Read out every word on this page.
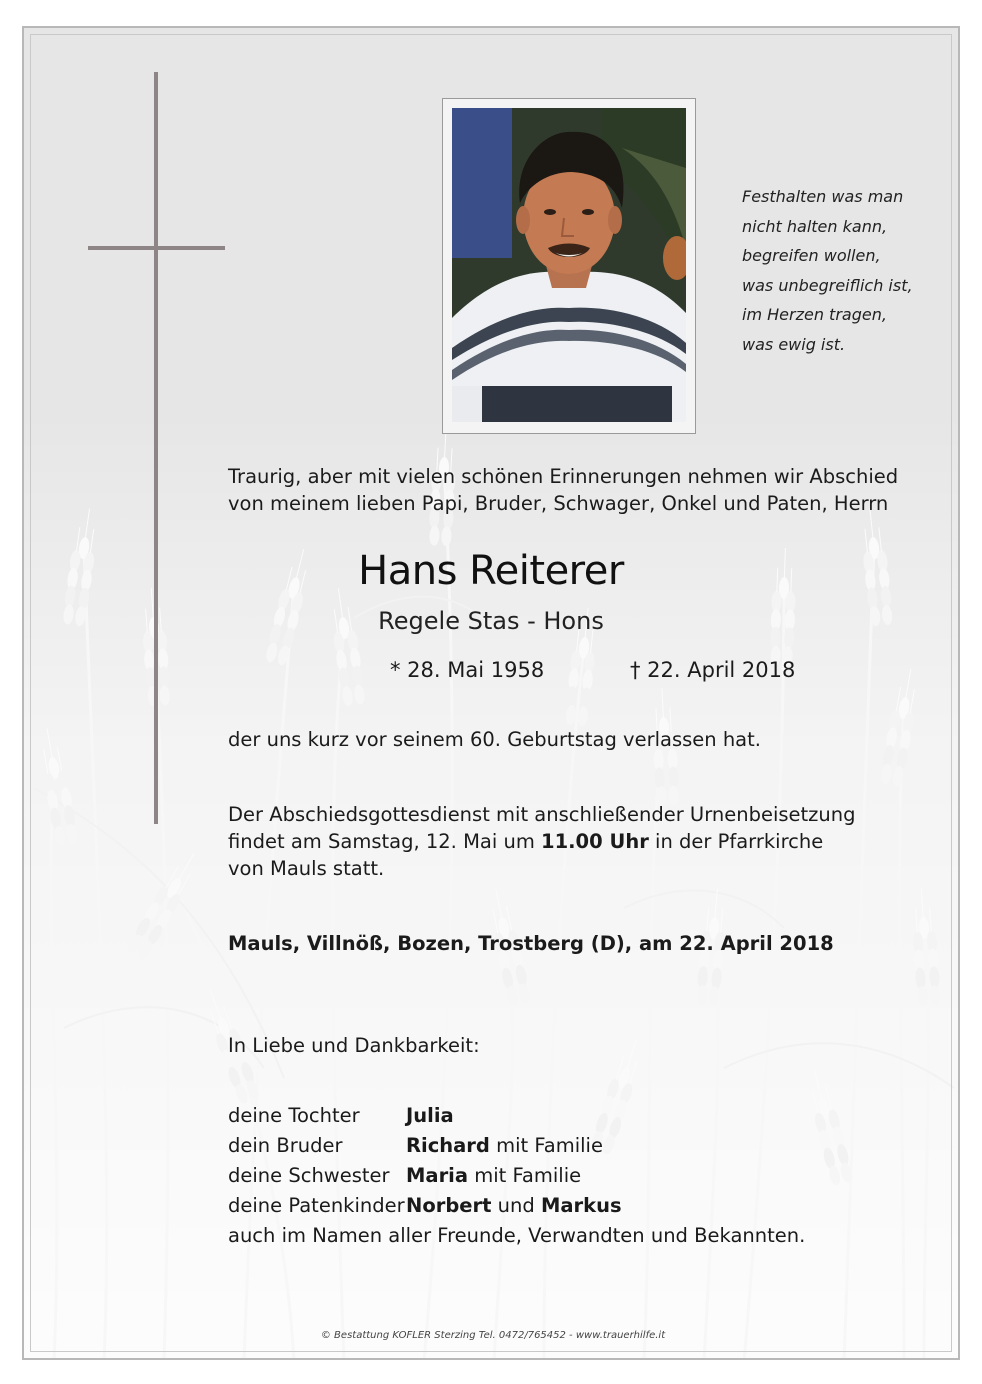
Festhalten was man
nicht halten kann,
begreifen wollen,
was unbegreiflich ist,
im Herzen tragen,
was ewig ist.
Traurig, aber mit vielen schönen Erinnerungen nehmen wir Abschied
von meinem lieben Papi, Bruder, Schwager, Onkel und Paten, Herrn
Hans Reiterer
Regele Stas - Hons
* 28. Mai 1958	† 22. April 2018
der uns kurz vor seinem 60. Geburtstag verlassen hat.
Der Abschiedsgottesdienst mit anschließender Urnenbeisetzung
findet am Samstag, 12. Mai um 11.00 Uhr in der Pfarrkirche
von Mauls statt.
Mauls, Villnöß, Bozen, Trostberg (D), am 22. April 2018
In Liebe und Dankbarkeit:
deine Tochter Julia
dein Bruder	Richard mit Familie
deine Schwester Maria mit Familie
deine Patenkinder Norbert und Markus
auch im Namen aller Freunde, Verwandten und Bekannten.
© Bestattung KOFLER Sterzing Tel. 0472/765452 - www.trauerhilfe.it
